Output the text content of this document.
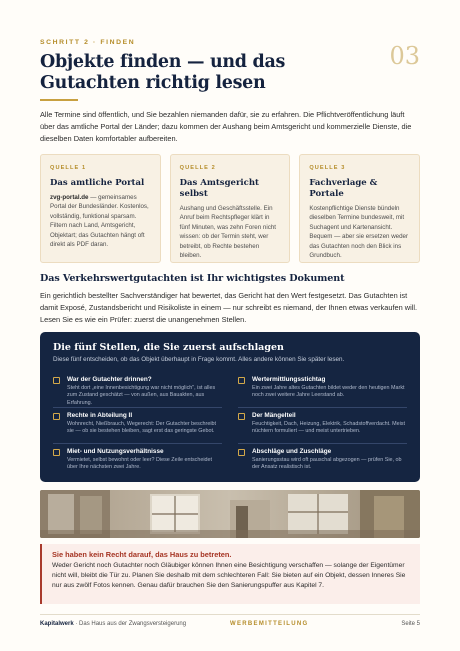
SCHRITT 2 · FINDEN	03
Objekte finden — und das Gutachten richtig lesen

Alle Termine sind öffentlich, und Sie bezahlen niemanden dafür, sie zu erfahren. Die Pflichtveröffentlichung läuft über das amtliche Portal der Länder; dazu kommen der Aushang beim Amtsgericht und kommerzielle Dienste, die dieselben Daten komfortabler aufbereiten.

QUELLE 1
Das amtliche Portal
zvg-portal.de — gemeinsames Portal der Bundesländer. Kostenlos, vollständig, funktional sparsam. Filtern nach Land, Amtsgericht, Objektart; das Gutachten hängt oft direkt als PDF daran.
QUELLE 2
Das Amtsgericht selbst
Aushang und Geschäftsstelle. Ein Anruf beim Rechtspfleger klärt in fünf Minuten, was zehn Foren nicht wissen: ob der Termin steht, wer betreibt, ob Rechte bestehen bleiben.
QUELLE 3
Fachverlage & Portale
Kostenpflichtige Dienste bündeln dieselben Termine bundesweit, mit Suchagent und Kartenansicht. Bequem — aber sie ersetzen weder das Gutachten noch den Blick ins Grundbuch.
Das Verkehrswertgutachten ist Ihr wichtigstes Dokument

Ein gerichtlich bestellter Sachverständiger hat bewertet, das Gericht hat den Wert festgesetzt. Das Gutachten ist damit Exposé, Zustandsbericht und Risikoliste in einem — nur schreibt es niemand, der Ihnen etwas verkaufen will. Lesen Sie es wie ein Prüfer: zuerst die unangenehmen Stellen.

Die fünf Stellen, die Sie zuerst aufschlagen
Diese fünf entscheiden, ob das Objekt überhaupt in Frage kommt. Alles andere können Sie später lesen.
War der Gutachter drinnen?
Steht dort „eine Innenbesichtigung war nicht möglich", ist alles zum Zustand geschätzt — von außen, aus Bauakten, aus Erfahrung.
Wertermittlungsstichtag
Ein zwei Jahre altes Gutachten bildet weder den heutigen Markt noch zwei weitere Jahre Leerstand ab.
Rechte in Abteilung II
Wohnrecht, Nießbrauch, Wegerecht: Der Gutachter beschreibt sie — ob sie bestehen bleiben, sagt erst das geringste Gebot.
Der Mängelteil
Feuchtigkeit, Dach, Heizung, Elektrik, Schadstoffverdacht. Meist nüchtern formuliert — und meist untertrieben.
Miet- und Nutzungsverhältnisse
Vermietet, selbst bewohnt oder leer? Diese Zeile entscheidet über Ihre nächsten zwei Jahre.
Abschläge und Zuschläge
Sanierungsstau wird oft pauschal abgezogen — prüfen Sie, ob der Ansatz realistisch ist.
Sie haben kein Recht darauf, das Haus zu betreten.
Weder Gericht noch Gutachter noch Gläubiger können Ihnen eine Besichtigung verschaffen — solange der Eigentümer nicht will, bleibt die Tür zu. Planen Sie deshalb mit dem schlechteren Fall: Sie bieten auf ein Objekt, dessen Inneres Sie nur aus zwölf Fotos kennen. Genau dafür brauchen Sie den Sanierungspuffer aus Kapitel 7.
Kapitalwerk · Das Haus aus der Zwangsversteigerung	WERBEMITTEILUNG	Seite 5
